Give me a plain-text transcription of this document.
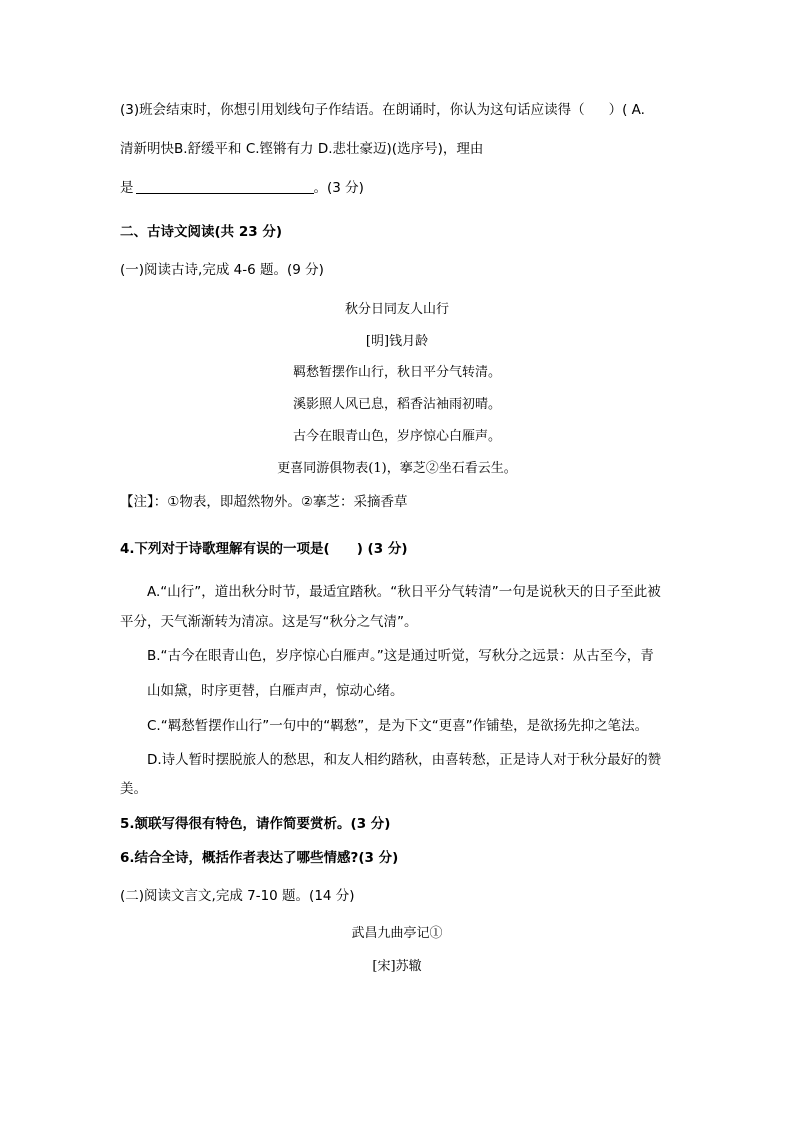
(3)班会结束时，你想引用划线句子作结语。在朗诵时，你认为这句话应读得（ ）( A.
清新明快B.舒缓平和 C.铿锵有力 D.悲壮豪迈)(选序号)，理由
是	。(3 分)
二、古诗文阅读(共 23 分)
(一)阅读古诗,完成 4-6 题。(9 分)
秋分日同友人山行
[明]钱月龄
羁愁暂摆作山行，秋日平分气转清。
溪影照人风已息，稻香沾袖雨初晴。
古今在眼青山色，岁序惊心白雁声。
更喜同游俱物表(1)，搴芝②坐石看云生。
【注】：①物表，即超然物外。②搴芝：采摘香草
4.下列对于诗歌理解有误的一项是(　　) (3 分)
A.“山行”，道出秋分时节，最适宜踏秋。“秋日平分气转清”一句是说秋天的日子至此被
平分，天气渐渐转为清凉。这是写“秋分之气清”。
B.“古今在眼青山色，岁序惊心白雁声。”这是通过听觉，写秋分之远景：从古至今，青
山如黛，时序更替，白雁声声，惊动心绪。
C.“羁愁暂摆作山行”一句中的“羁愁”，是为下文“更喜”作铺垫，是欲扬先抑之笔法。
D.诗人暂时摆脱旅人的愁思，和友人相约踏秋，由喜转愁，正是诗人对于秋分最好的赞
美。
5.颔联写得很有特色，请作简要赏析。(3 分)
6.结合全诗，概括作者表达了哪些情感?(3 分)
(二)阅读文言文,完成 7-10 题。(14 分)
武昌九曲亭记①
[宋]苏辙
